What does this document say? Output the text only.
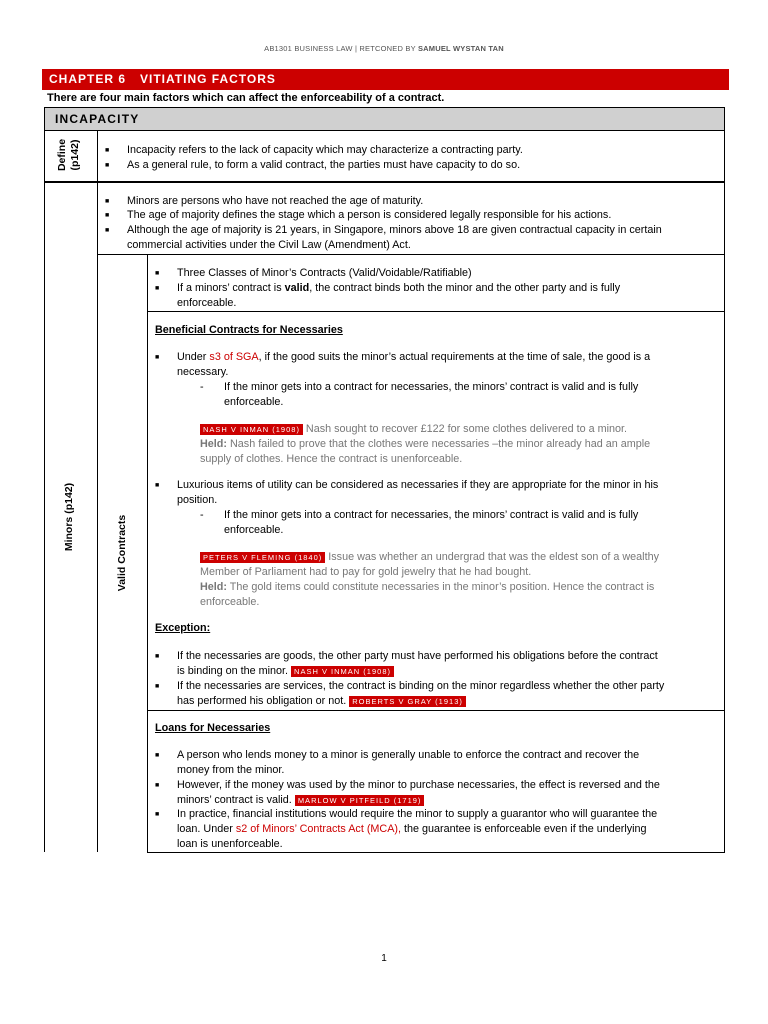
AB1301 BUSINESS LAW | RETCONED BY SAMUEL WYSTAN TAN
CHAPTER 6 VITIATING FACTORS
There are four main factors which can affect the enforceability of a contract.
INCAPACITY
Define (p142)	■ Incapacity refers to the lack of capacity which may characterize a contracting party.
■ As a general rule, to form a valid contract, the parties must have capacity to do so.
Minors (p142)
■ Minors are persons who have not reached the age of maturity.
■ The age of majority defines the stage which a person is considered legally responsible for his actions.
■ Although the age of majority is 21 years, in Singapore, minors above 18 are given contractual capacity in certain
commercial activities under the Civil Law (Amendment) Act.
Valid Contracts
■ Three Classes of Minor’s Contracts (Valid/Voidable/Ratifiable)
■ If a minors’ contract is valid, the contract binds both the minor and the other party and is fully
enforceable.
Beneficial Contracts for Necessaries
■ Under s3 of SGA, if the good suits the minor’s actual requirements at the time of sale, the good is a
necessary.
- If the minor gets into a contract for necessaries, the minors’ contract is valid and is fully
enforceable.
NASH V INMAN (1908) Nash sought to recover £122 for some clothes delivered to a minor.
Held: Nash failed to prove that the clothes were necessaries –the minor already had an ample
supply of clothes. Hence the contract is unenforceable.
■ Luxurious items of utility can be considered as necessaries if they are appropriate for the minor in his
position.
- If the minor gets into a contract for necessaries, the minors’ contract is valid and is fully
enforceable.
PETERS V FLEMING (1840) Issue was whether an undergrad that was the eldest son of a wealthy
Member of Parliament had to pay for gold jewelry that he had bought.
Held: The gold items could constitute necessaries in the minor’s position. Hence the contract is
enforceable.
Exception:
■ If the necessaries are goods, the other party must have performed his obligations before the contract
is binding on the minor. NASH V INMAN (1908)
■ If the necessaries are services, the contract is binding on the minor regardless whether the other party
has performed his obligation or not. ROBERTS V GRAY (1913)
Loans for Necessaries
■ A person who lends money to a minor is generally unable to enforce the contract and recover the
money from the minor.
■ However, if the money was used by the minor to purchase necessaries, the effect is reversed and the
minors’ contract is valid. MARLOW V PITFEILD (1719)
■ In practice, financial institutions would require the minor to supply a guarantor who will guarantee the
loan. Under s2 of Minors’ Contracts Act (MCA), the guarantee is enforceable even if the underlying
loan is unenforceable.
1
